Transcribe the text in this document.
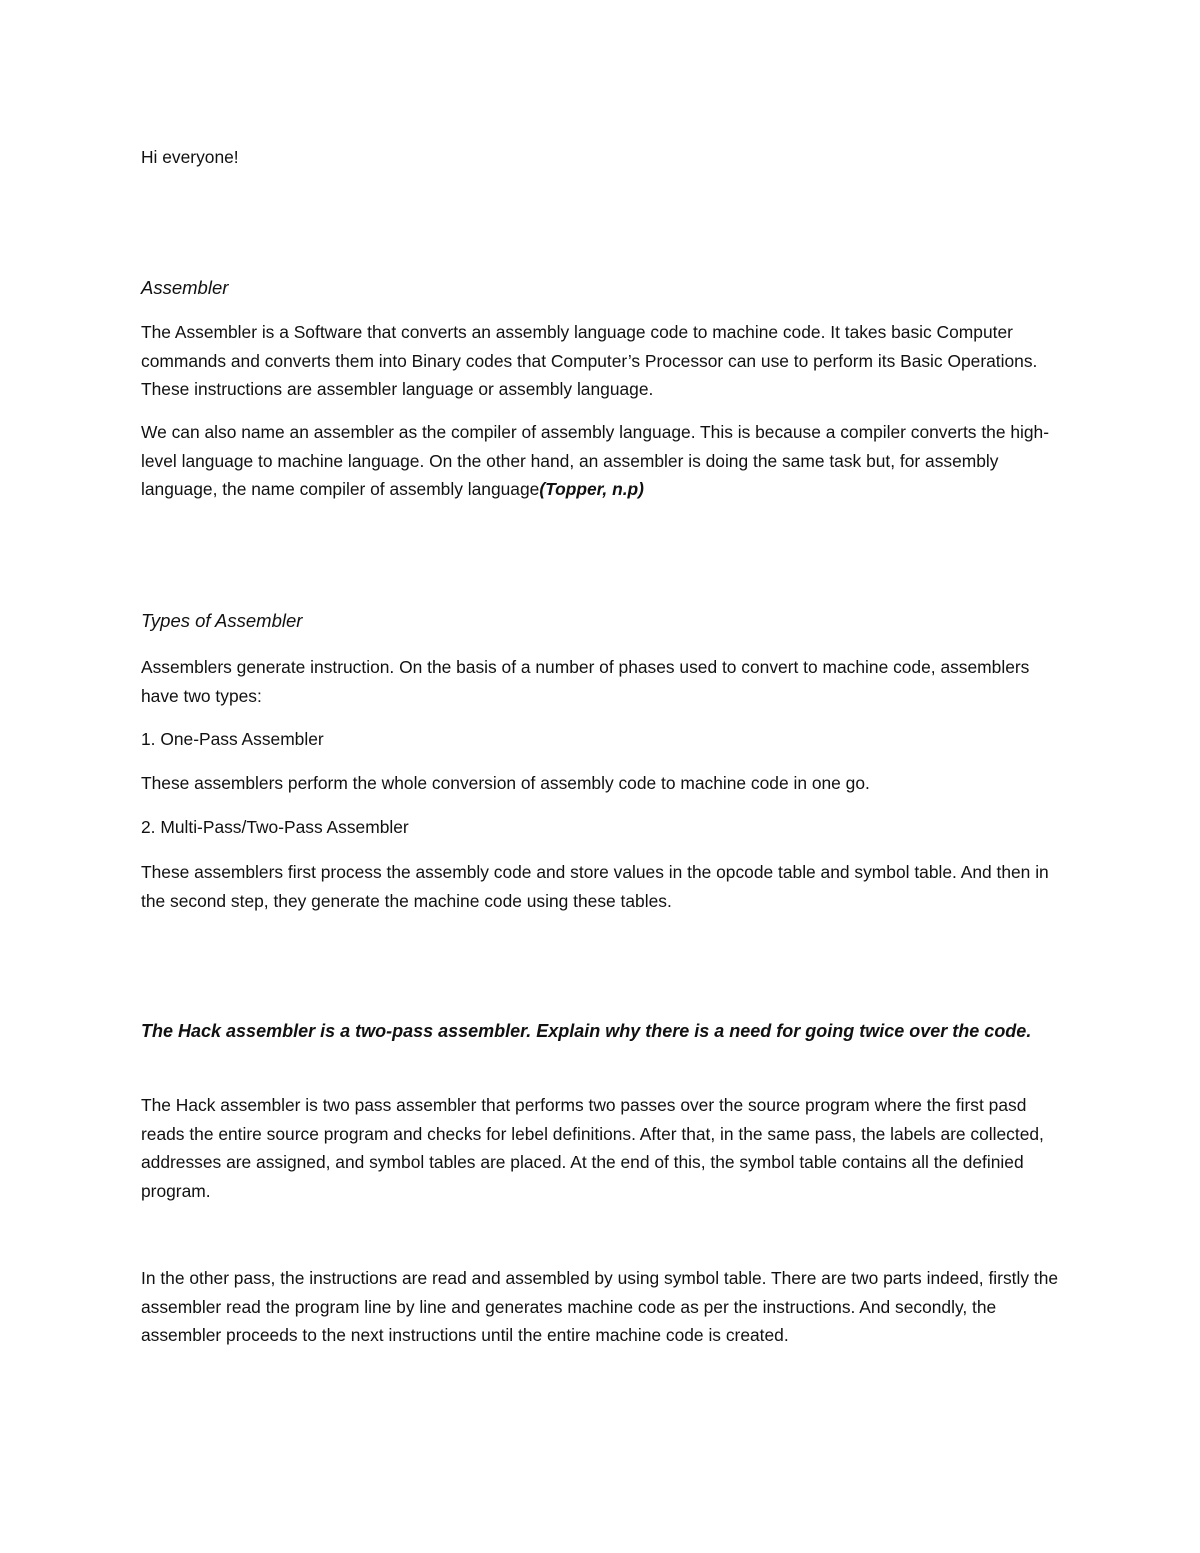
Hi everyone!

Assembler

The Assembler is a Software that converts an assembly language code to machine code. It takes basic Computer commands and converts them into Binary codes that Computer’s Processor can use to perform its Basic Operations. These instructions are assembler language or assembly language.

We can also name an assembler as the compiler of assembly language. This is because a compiler converts the high-level language to machine language. On the other hand, an assembler is doing the same task but, for assembly language, the name compiler of assembly language(Topper, n.p)

Types of Assembler

Assemblers generate instruction. On the basis of a number of phases used to convert to machine code, assemblers have two types:

1. One-Pass Assembler

These assemblers perform the whole conversion of assembly code to machine code in one go.

2. Multi-Pass/Two-Pass Assembler

These assemblers first process the assembly code and store values in the opcode table and symbol table. And then in the second step, they generate the machine code using these tables.

The Hack assembler is a two-pass assembler. Explain why there is a need for going twice over the code.

The Hack assembler is two pass assembler that performs two passes over the source program where the first pasd reads the entire source program and checks for lebel definitions. After that, in the same pass, the labels are collected, addresses are assigned, and symbol tables are placed. At the end of this, the symbol table contains all the definied program.

In the other pass, the instructions are read and assembled by using symbol table. There are two parts indeed, firstly the assembler read the program line by line and generates machine code as per the instructions. And secondly, the assembler proceeds to the next instructions until the entire machine code is created.
